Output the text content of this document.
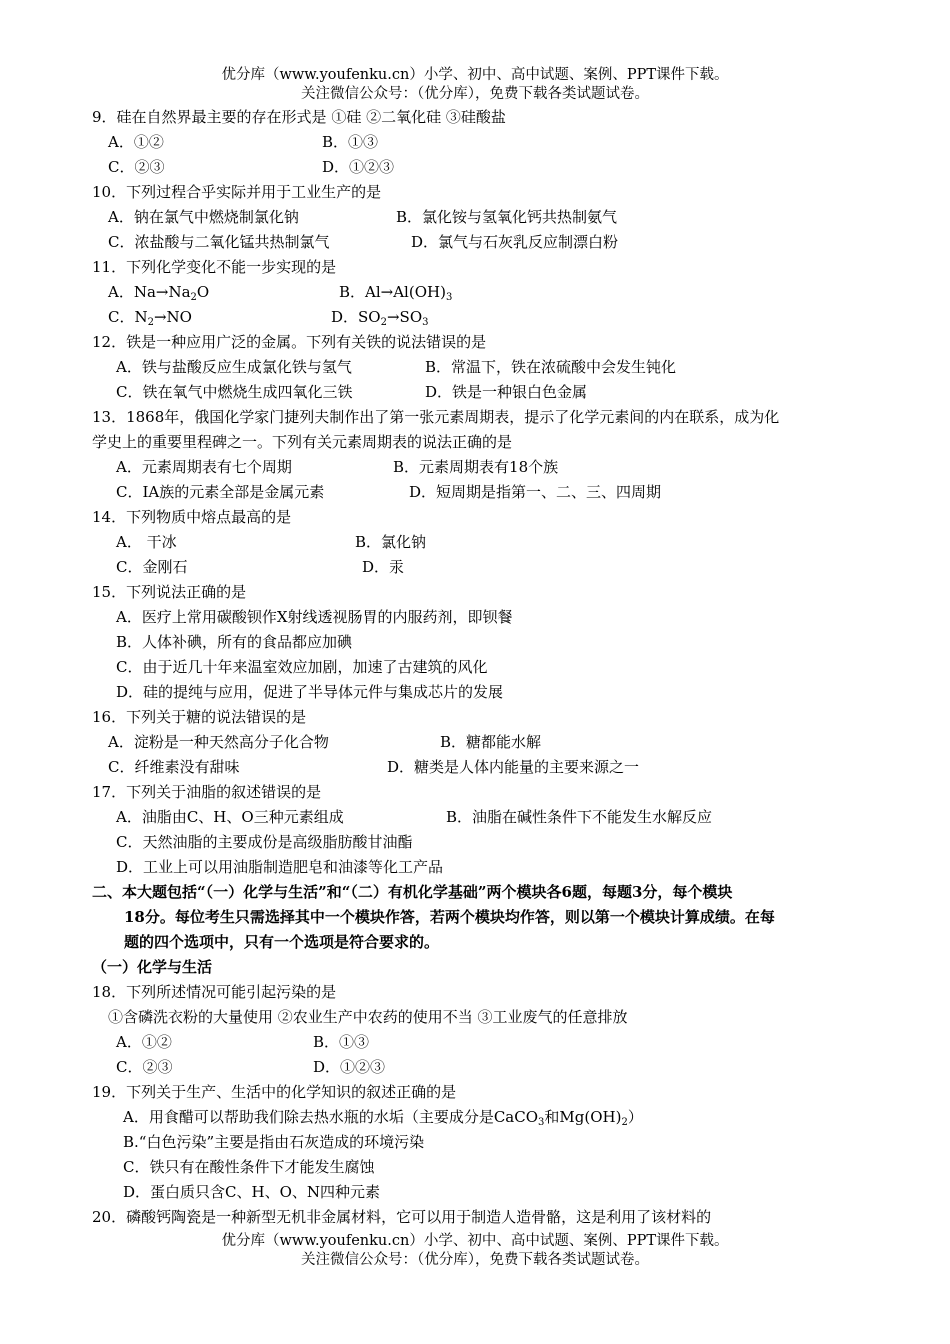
优分库（www.youfenku.cn）小学、初中、高中试题、案例、PPT课件下载。
关注微信公众号：（优分库），免费下载各类试题试卷。
9．硅在自然界最主要的存在形式是 ①硅 ②二氧化硅 ③硅酸盐
A．①②	B．①③
C．②③	D．①②③
10．下列过程合乎实际并用于工业生产的是
A．钠在氯气中燃烧制氯化钠	B．氯化铵与氢氧化钙共热制氨气
C．浓盐酸与二氧化锰共热制氯气	D．氯气与石灰乳反应制漂白粉
11．下列化学变化不能一步实现的是
A．$Na\to Na_2O$	B．$Al\to Al(OH)_3$
C．$N_2\to NO$	D．$SO_2\to SO_3$
12．铁是一种应用广泛的金属。下列有关铁的说法错误的是
A．铁与盐酸反应生成氯化铁与氢气	B．常温下，铁在浓硫酸中会发生钝化
C．铁在氧气中燃烧生成四氧化三铁	D．铁是一种银白色金属
13．1868年，俄国化学家门捷列夫制作出了第一张元素周期表，提示了化学元素间的内在联系，成为化
学史上的重要里程碑之一。下列有关元素周期表的说法正确的是
A．元素周期表有七个周期	B．元素周期表有18个族
C．IA族的元素全部是金属元素	D．短周期是指第一、二、三、四周期
14．下列物质中熔点最高的是
A． 干冰	B．氯化钠
C．金刚石	D．汞
15．下列说法正确的是
A．医疗上常用碳酸钡作X射线透视肠胃的内服药剂，即钡餐
B．人体补碘，所有的食品都应加碘
C．由于近几十年来温室效应加剧，加速了古建筑的风化
D．硅的提纯与应用，促进了半导体元件与集成芯片的发展
16．下列关于糖的说法错误的是
A．淀粉是一种天然高分子化合物	B．糖都能水解
C．纤维素没有甜味	D．糖类是人体内能量的主要来源之一
17．下列关于油脂的叙述错误的是
A．油脂由C、H、O三种元素组成	B．油脂在碱性条件下不能发生水解反应
C．天然油脂的主要成份是高级脂肪酸甘油酯
D．工业上可以用油脂制造肥皂和油漆等化工产品
二、本大题包括“（一）化学与生活”和“（二）有机化学基础”两个模块各6题，每题3分，每个模块
18分。每位考生只需选择其中一个模块作答，若两个模块均作答，则以第一个模块计算成绩。在每
题的四个选项中，只有一个选项是符合要求的。
（一）化学与生活
18．下列所述情况可能引起污染的是
①含磷洗衣粉的大量使用 ②农业生产中农药的使用不当 ③工业废气的任意排放
A．①②	B．①③
C．②③	D．①②③
19．下列关于生产、生活中的化学知识的叙述正确的是
A．用食醋可以帮助我们除去热水瓶的水垢（主要成分是CaCO$_3$和$Mg(OH)_2$）
B.“白色污染”主要是指由石灰造成的环境污染
C．铁只有在酸性条件下才能发生腐蚀
D．蛋白质只含C、H、O、N四种元素
20．磷酸钙陶瓷是一种新型无机非金属材料，它可以用于制造人造骨骼，这是利用了该材料的
优分库（www.youfenku.cn）小学、初中、高中试题、案例、PPT课件下载。
关注微信公众号：（优分库），免费下载各类试题试卷。
